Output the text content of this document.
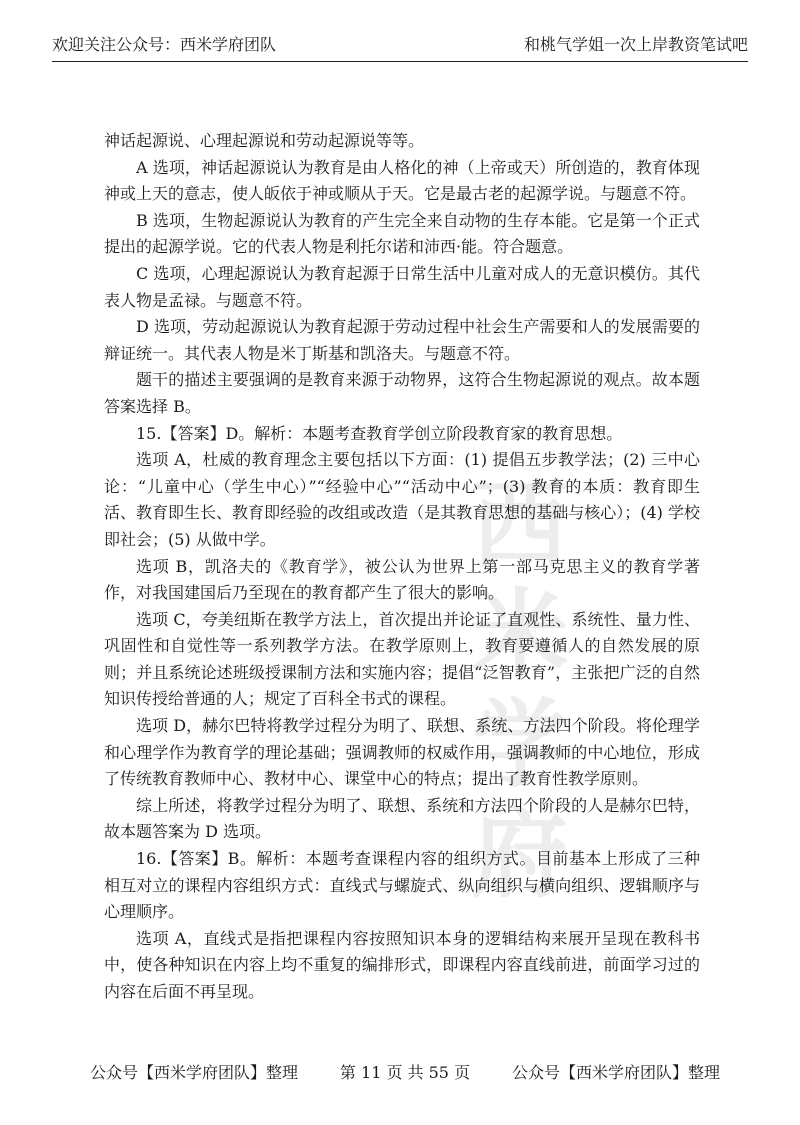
欢迎关注公众号：西米学府团队	和桃气学姐一次上岸教资笔试吧
西米学府

神话起源说、心理起源说和劳动起源说等等。

A 选项，神话起源说认为教育是由人格化的神（上帝或天）所创造的，教育体现神或上天的意志，使人皈依于神或顺从于天。它是最古老的起源学说。与题意不符。

B 选项，生物起源说认为教育的产生完全来自动物的生存本能。它是第一个正式提出的起源学说。它的代表人物是利托尔诺和沛西·能。符合题意。

C 选项，心理起源说认为教育起源于日常生活中儿童对成人的无意识模仿。其代表人物是孟禄。与题意不符。

D 选项，劳动起源说认为教育起源于劳动过程中社会生产需要和人的发展需要的辩证统一。其代表人物是米丁斯基和凯洛夫。与题意不符。

题干的描述主要强调的是教育来源于动物界，这符合生物起源说的观点。故本题答案选择 B。

15.【答案】D。解析：本题考查教育学创立阶段教育家的教育思想。

选项 A，杜威的教育理念主要包括以下方面：(1) 提倡五步教学法；(2) 三中心论：“儿童中心（学生中心）”“经验中心”“活动中心”；(3) 教育的本质：教育即生活、教育即生长、教育即经验的改组或改造（是其教育思想的基础与核心）；(4) 学校即社会；(5) 从做中学。

选项 B，凯洛夫的《教育学》，被公认为世界上第一部马克思主义的教育学著作，对我国建国后乃至现在的教育都产生了很大的影响。

选项 C，夸美纽斯在教学方法上，首次提出并论证了直观性、系统性、量力性、巩固性和自觉性等一系列教学方法。在教学原则上，教育要遵循人的自然发展的原则；并且系统论述班级授课制方法和实施内容；提倡“泛智教育”，主张把广泛的自然知识传授给普通的人；规定了百科全书式的课程。

选项 D，赫尔巴特将教学过程分为明了、联想、系统、方法四个阶段。将伦理学和心理学作为教育学的理论基础；强调教师的权威作用，强调教师的中心地位，形成了传统教育教师中心、教材中心、课堂中心的特点；提出了教育性教学原则。

综上所述，将教学过程分为明了、联想、系统和方法四个阶段的人是赫尔巴特，故本题答案为 D 选项。

16.【答案】B。解析：本题考查课程内容的组织方式。目前基本上形成了三种相互对立的课程内容组织方式：直线式与螺旋式、纵向组织与横向组织、逻辑顺序与心理顺序。

选项 A，直线式是指把课程内容按照知识本身的逻辑结构来展开呈现在教科书中，使各种知识在内容上均不重复的编排形式，即课程内容直线前进，前面学习过的内容在后面不再呈现。

公众号【西米学府团队】整理	第 11 页 共 55 页	公众号【西米学府团队】整理
